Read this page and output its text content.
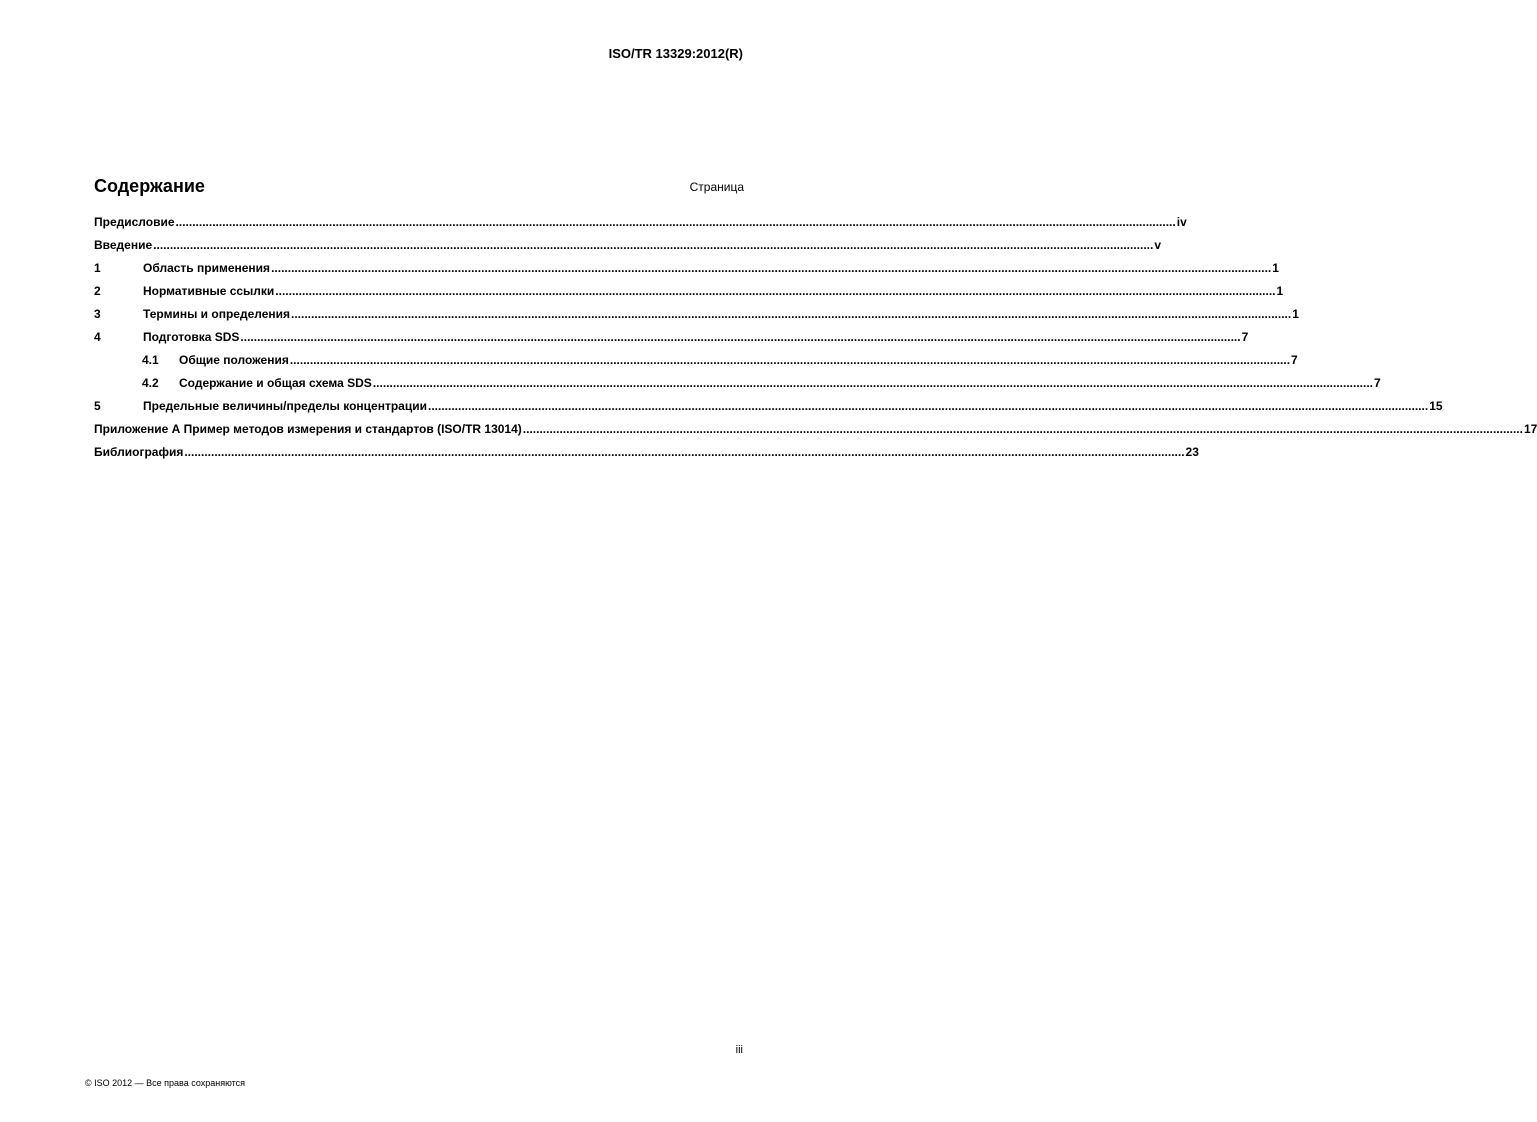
ISO/TR 13329:2012(R)
Содержание	Страница
Предисловие ............................................................................................................................................................................................................................................................................................................ iv
Введение ............................................................................................................................................................................................................................................................................................................ v
1	Область применения ............................................................................................................................................................................................................................................................................................................ 1
2	Нормативные ссылки ............................................................................................................................................................................................................................................................................................................ 1
3	Термины и определения ............................................................................................................................................................................................................................................................................................................ 1
4	Подготовка SDS ............................................................................................................................................................................................................................................................................................................ 7
4.1	Общие положения ............................................................................................................................................................................................................................................................................................................ 7
4.2	Содержание и общая схема SDS ............................................................................................................................................................................................................................................................................................................ 7
5	Предельные величины/пределы концентрации ............................................................................................................................................................................................................................................................................................................ 15
Приложение А Пример методов измерения и стандартов (ISO/TR 13014) ............................................................................................................................................................................................................................................................................................................ 17
Библиография ............................................................................................................................................................................................................................................................................................................ 23
iii
© ISO 2012 — Все права сохраняются
